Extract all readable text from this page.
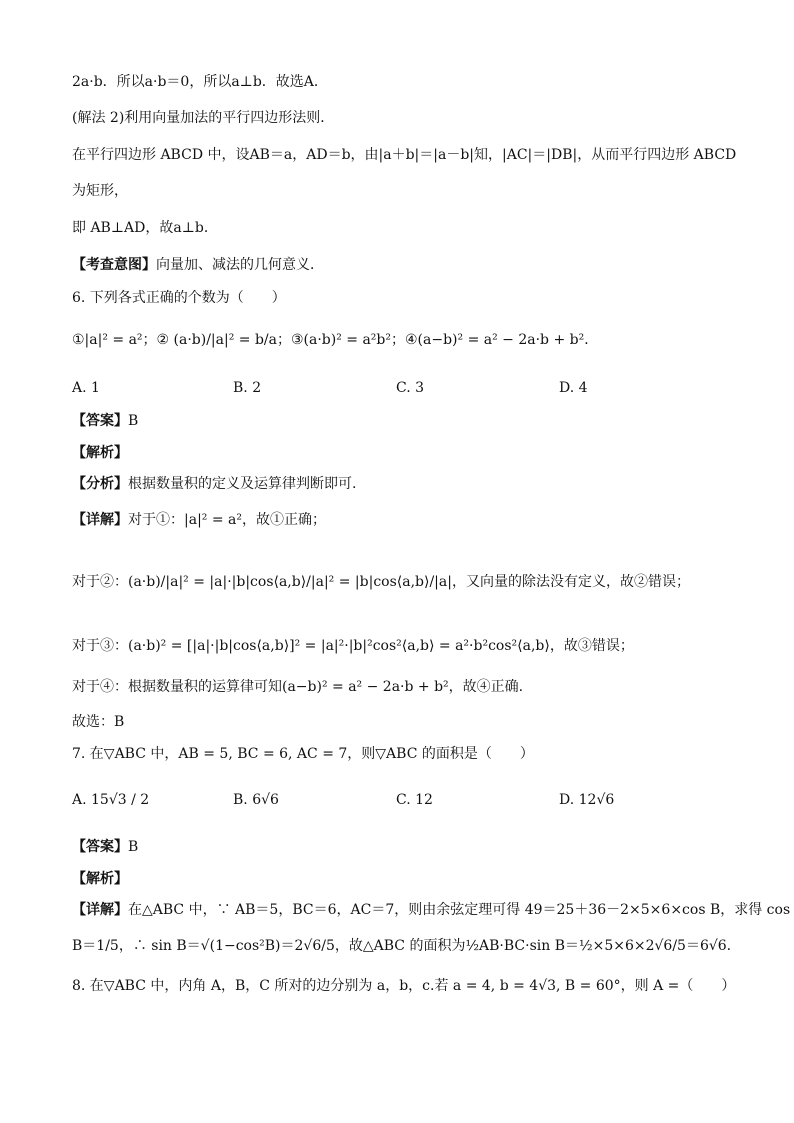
2a·b．所以a·b＝0，所以a⊥b．故选A．
(解法 2)利用向量加法的平行四边形法则．
在平行四边形 ABCD 中，设AB＝a，AD＝b，由|a＋b|＝|a－b|知，|AC|＝|DB|，从而平行四边形 ABCD
为矩形，
即 AB⊥AD，故a⊥b．
【考查意图】向量加、减法的几何意义．
6. 下列各式正确的个数为（　　）
①|a|² = a²；② (a·b)/|a|² = b/a；③(a·b)² = a²b²；④(a−b)² = a² − 2a·b + b²．
A. 1	B. 2	C. 3	D. 4
【答案】B
【解析】
【分析】根据数量积的定义及运算律判断即可.
【详解】对于①：|a|² = a²，故①正确；
对于②：(a·b)/|a|² = |a|·|b|cos⟨a,b⟩/|a|² = |b|cos⟨a,b⟩/|a|，又向量的除法没有定义，故②错误；
对于③：(a·b)² = [|a|·|b|cos⟨a,b⟩]² = |a|²·|b|²cos²⟨a,b⟩ = a²·b²cos²⟨a,b⟩，故③错误；
对于④：根据数量积的运算律可知(a−b)² = a² − 2a·b + b²，故④正确.
故选：B
7. 在▽ABC 中，AB = 5, BC = 6, AC = 7，则▽ABC 的面积是（　　）
A. 15√3 / 2	B. 6√6	C. 12	D. 12√6
【答案】B
【解析】
【详解】在△ABC 中，∵ AB＝5，BC＝6，AC＝7，则由余弦定理可得 49＝25＋36－2×5×6×cos B，求得 cos
B＝1/5，∴ sin B＝√(1−cos²B)＝2√6/5，故△ABC 的面积为½AB·BC·sin B＝½×5×6×2√6/5＝6√6.
8. 在▽ABC 中，内角 A，B，C 所对的边分别为 a，b，c.若 a = 4, b = 4√3, B = 60°，则 A =（　　）
